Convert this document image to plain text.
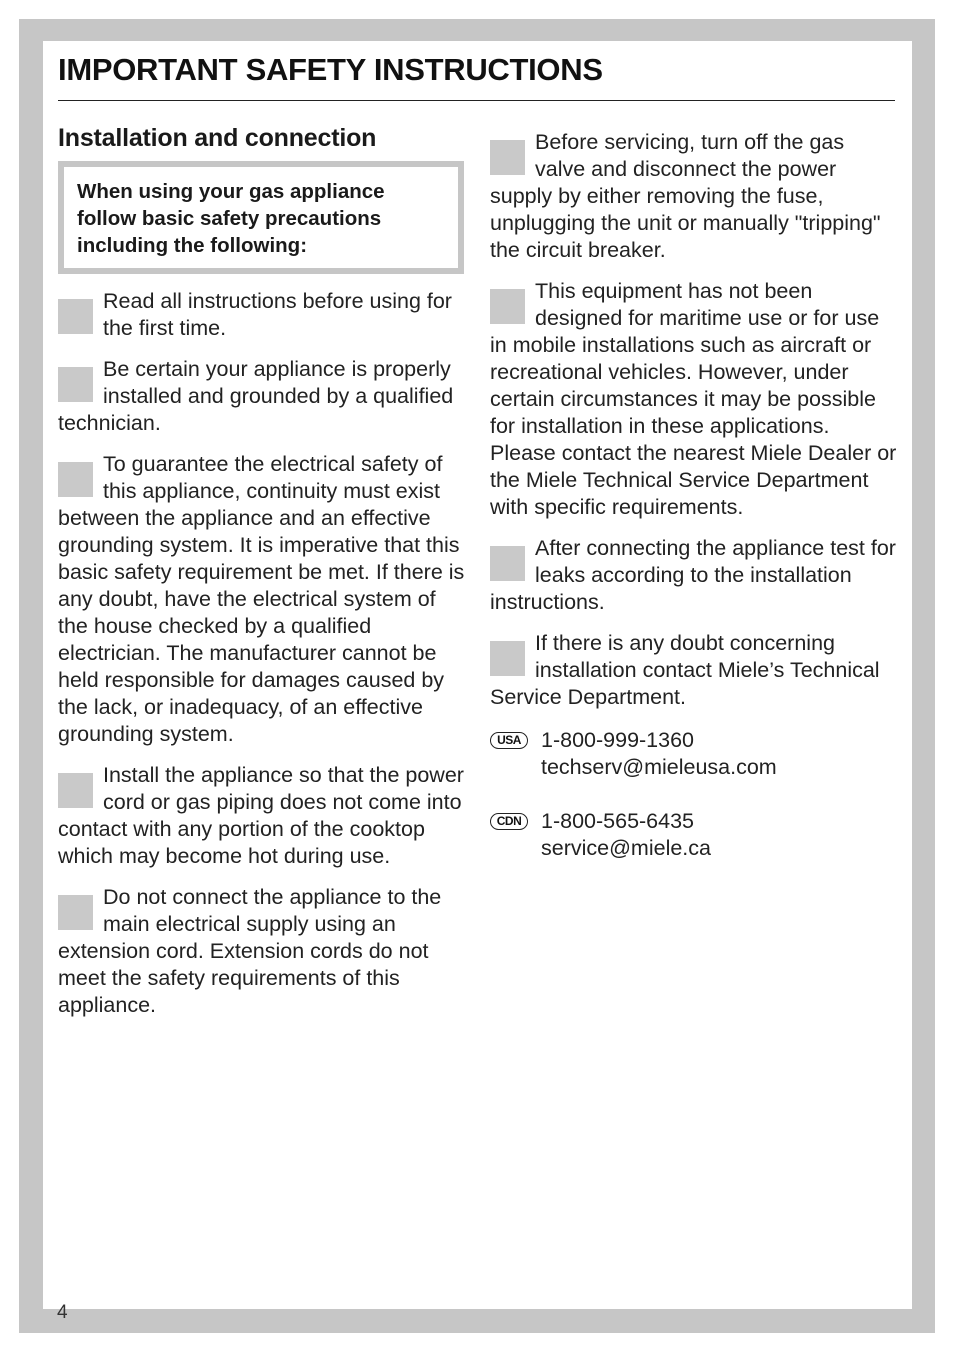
IMPORTANT SAFETY INSTRUCTIONS
Installation and connection
When using your gas appliance follow basic safety precautions including the following:

Read all instructions before using for the first time.

Be certain your appliance is properly installed and grounded by a qualified technician.

To guarantee the electrical safety of this appliance, continuity must exist between the appliance and an effective grounding system. It is imperative that this basic safety requirement be met. If there is any doubt, have the electrical system of the house checked by a qualified electrician. The manufacturer cannot be held responsible for damages caused by the lack, or inadequacy, of an effective grounding system.

Install the appliance so that the power cord or gas piping does not come into contact with any portion of the cooktop which may become hot during use.

Do not connect the appliance to the main electrical supply using an extension cord. Extension cords do not meet the safety requirements of this appliance.

Before servicing, turn off the gas valve and disconnect the power supply by either removing the fuse, unplugging the unit or manually "tripping" the circuit breaker.

This equipment has not been designed for maritime use or for use in mobile installations such as aircraft or recreational vehicles. However, under certain circumstances it may be possible for installation in these applications. Please contact the nearest Miele Dealer or the Miele Technical Service Department with specific requirements.

After connecting the appliance test for leaks according to the installation instructions.

If there is any doubt concerning installation contact Miele’s Technical Service Department.

USA 1-800-999-1360

techserv@mieleusa.com

CDN 1-800-565-6435

service@miele.ca

4
